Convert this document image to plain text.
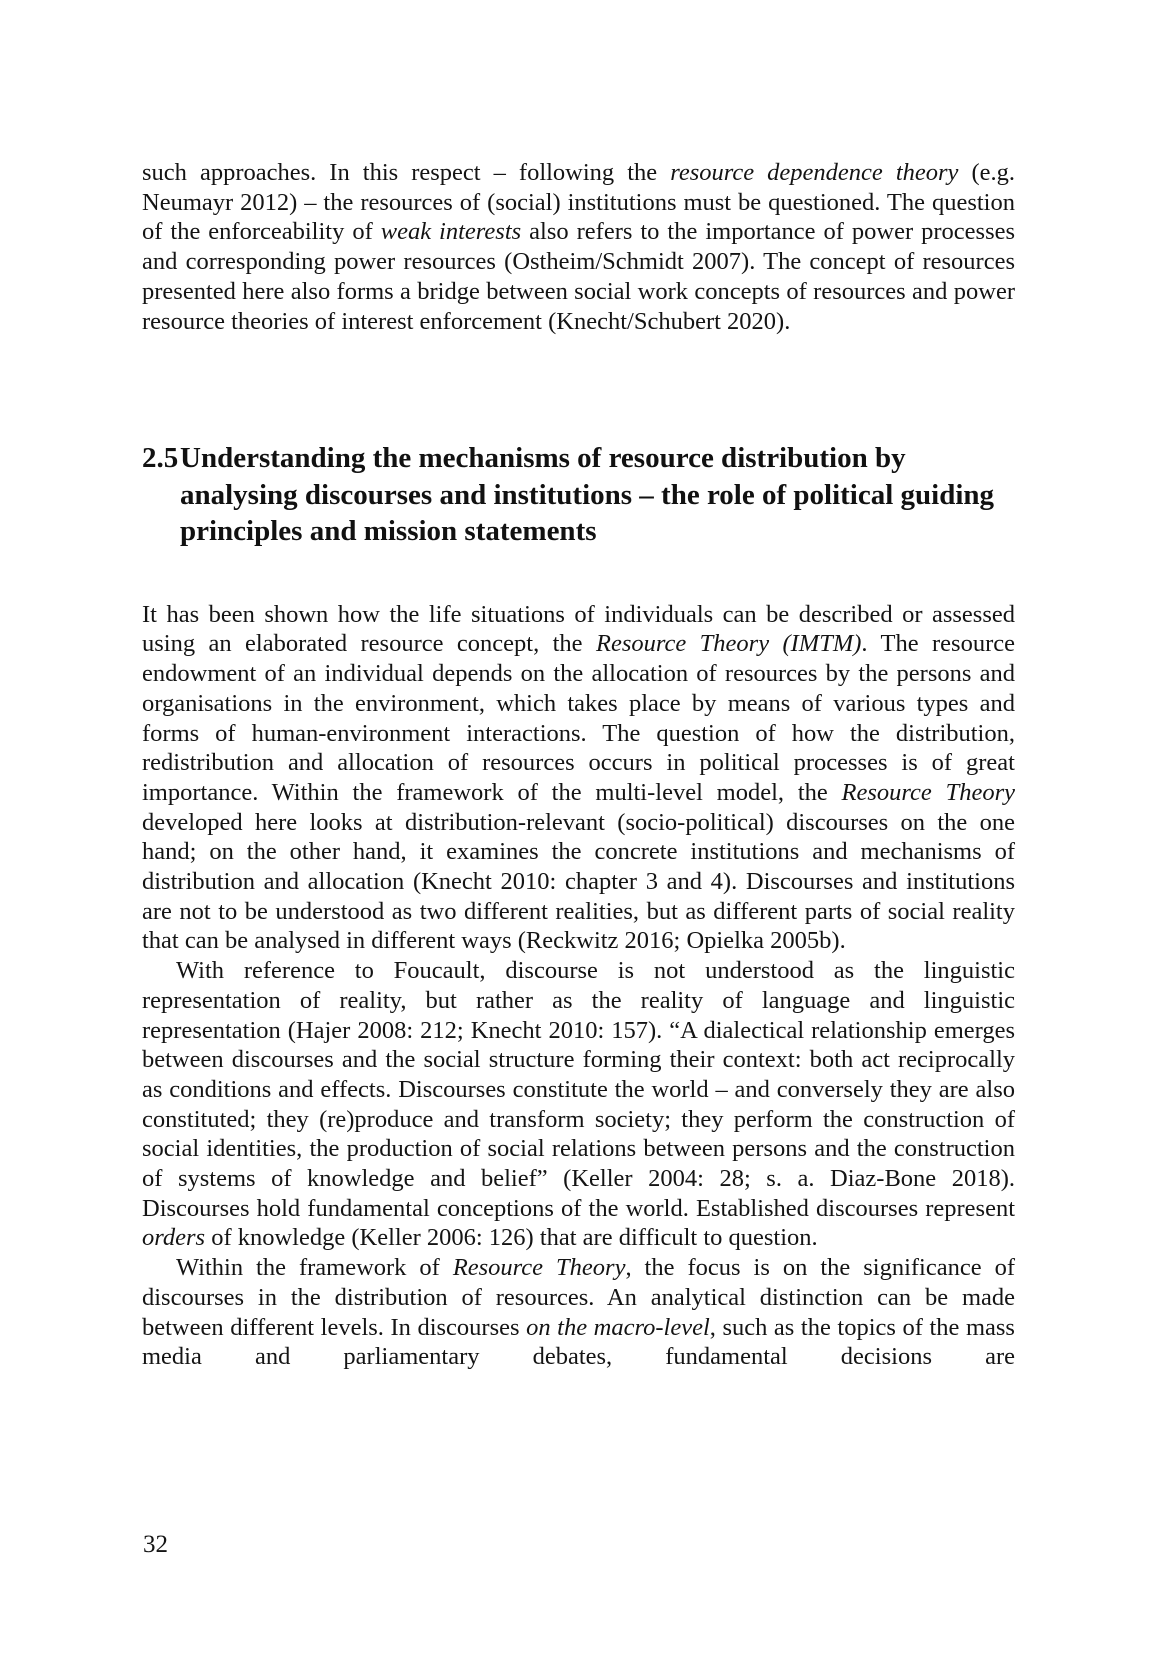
such approaches. In this respect – following the resource dependence theory (e.g. Neumayr 2012) – the resources of (social) institutions must be questioned. The question of the enforceability of weak interests also refers to the importance of power processes and corresponding power resources (Ostheim/Schmidt 2007). The concept of resources presented here also forms a bridge between social work concepts of resources and power resource theories of interest enforcement (Knecht/Schubert 2020).

2.5 Understanding the mechanisms of resource distribution by analysing discourses and institutions – the role of political guiding principles and mission statements

It has been shown how the life situations of individuals can be described or assessed using an elaborated resource concept, the Resource Theory (IMTM). The resource endowment of an individual depends on the allocation of resources by the persons and organisations in the environment, which takes place by means of various types and forms of human-environment interactions. The question of how the distribution, redistribution and allocation of resources occurs in political processes is of great importance. Within the framework of the multi-level model, the Resource Theory developed here looks at distribution-relevant (socio-political) discourses on the one hand; on the other hand, it examines the concrete institutions and mechanisms of distribution and allocation (Knecht 2010: chapter 3 and 4). Discourses and institutions are not to be understood as two different realities, but as different parts of social reality that can be analysed in different ways (Reckwitz 2016; Opielka 2005b).

With reference to Foucault, discourse is not understood as the linguistic representation of reality, but rather as the reality of language and linguistic representation (Hajer 2008: 212; Knecht 2010: 157). “A dialectical relationship emerges between discourses and the social structure forming their context: both act reciprocally as conditions and effects. Discourses constitute the world – and conversely they are also constituted; they (re)produce and transform society; they perform the construction of social identities, the production of social relations between persons and the construction of systems of knowledge and belief” (Keller 2004: 28; s. a. Diaz-Bone 2018). Discourses hold fundamental conceptions of the world. Established discourses represent orders of knowledge (Keller 2006: 126) that are difficult to question.

Within the framework of Resource Theory, the focus is on the significance of discourses in the distribution of resources. An analytical distinction can be made between different levels. In discourses on the macro-level, such as the topics of the mass media and parliamentary debates, fundamental decisions are

32
